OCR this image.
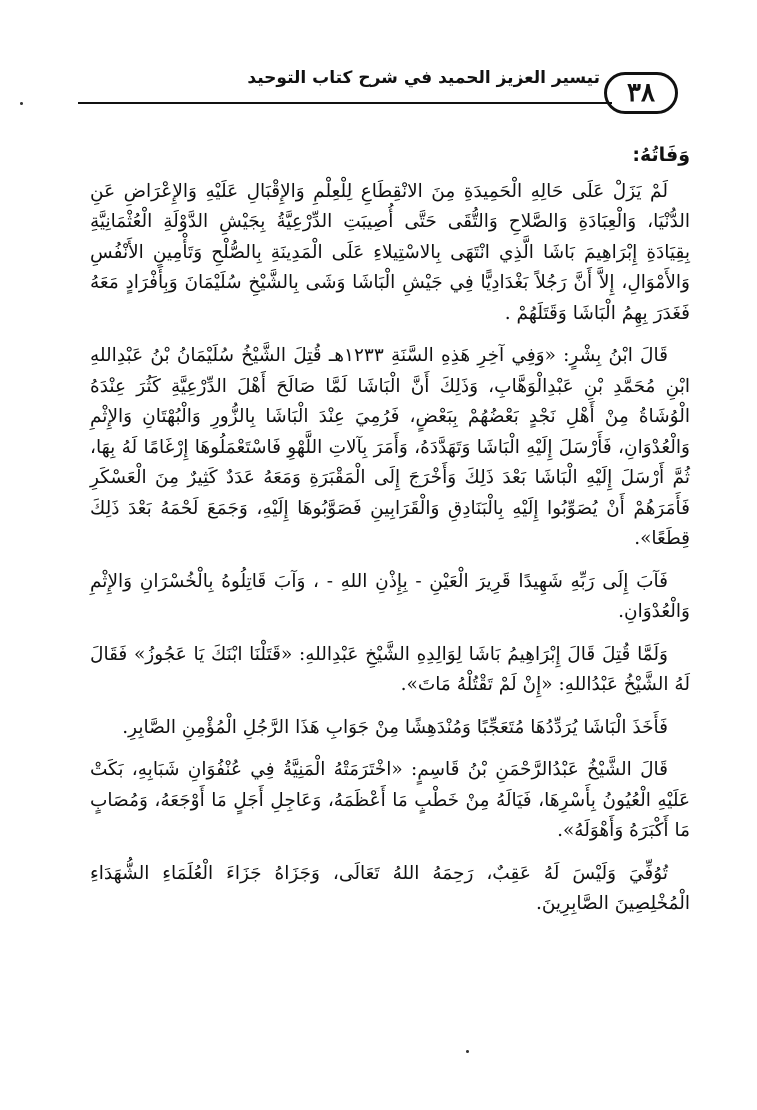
٣٨
تيسير العزيز الحميد في شرح كتاب التوحيد
وَفَاتُهُ:

لَمْ يَزَلْ عَلَى حَالِهِ الْحَمِيدَةِ مِنَ الانْقِطَاعِ لِلْعِلْمِ وَالإِقْبَالِ عَلَيْهِ وَالإِعْرَاضِ عَنِ الدُّنْيَا، وَالْعِبَادَةِ وَالصَّلاحِ وَالتُّقَى حَتَّى أُصِيبَتِ الدِّرْعِيَّةُ بِجَيْشِ الدَّوْلَةِ الْعُثْمَانِيَّةِ بِقِيَادَةِ إِبْرَاهِيمَ بَاشَا الَّذِي انْتَهَى بِالاسْتِيلاءِ عَلَى الْمَدِينَةِ بِالصُّلْحِ وَتَأْمِينِ الأَنْفُسِ وَالأَمْوَالِ، إِلاَّ أَنَّ رَجُلاً بَغْدَادِيًّا فِي جَيْشِ الْبَاشَا وَشَى بِالشَّيْخِ سُلَيْمَانَ وَبِأَفْرَادٍ مَعَهُ فَغَدَرَ بِهِمُ الْبَاشَا وَقَتَلَهُمْ .

قَالَ ابْنُ بِشْرٍ: «وَفِي آخِرِ هَذِهِ السَّنَةِ ١٢٣٣هـ قُتِلَ الشَّيْخُ سُلَيْمَانُ بْنُ عَبْدِاللهِ ابْنِ مُحَمَّدِ بْنِ عَبْدِالْوَهَّابِ، وَذَلِكَ أَنَّ الْبَاشَا لَمَّا صَالَحَ أَهْلَ الدِّرْعِيَّةِ كَثُرَ عِنْدَهُ الْوُشَاةُ مِنْ أَهْلِ نَجْدٍ بَعْضُهُمْ بِبَعْضٍ، فَرُمِيَ عِنْدَ الْبَاشَا بِالزُّورِ وَالْبُهْتَانِ وَالإِثْمِ وَالْعُدْوَانِ، فَأَرْسَلَ إِلَيْهِ الْبَاشَا وَتَهَدَّدَهُ، وَأَمَرَ بِآلاتِ اللَّهْوِ فَاسْتَعْمَلُوهَا إِرْغَامًا لَهُ بِهَا، ثُمَّ أَرْسَلَ إِلَيْهِ الْبَاشَا بَعْدَ ذَلِكَ وَأَخْرَجَ إِلَى الْمَقْبَرَةِ وَمَعَهُ عَدَدٌ كَثِيرٌ مِنَ الْعَسْكَرِ فَأَمَرَهُمْ أَنْ يُصَوِّبُوا إِلَيْهِ بِالْبَنَادِقِ وَالْقَرَابِينِ فَصَوَّبُوهَا إِلَيْهِ، وَجَمَعَ لَحْمَهُ بَعْدَ ذَلِكَ قِطَعًا».

فَآبَ إِلَى رَبِّهِ شَهِيدًا قَرِيرَ الْعَيْنِ - بِإِذْنِ اللهِ - ، وَآبَ قَاتِلُوهُ بِالْخُسْرَانِ وَالإِثْمِ وَالْعُدْوَانِ.

وَلَمَّا قُتِلَ قَالَ إِبْرَاهِيمُ بَاشَا لِوَالِدِهِ الشَّيْخِ عَبْدِاللهِ: «قَتَلْنَا ابْنَكَ يَا عَجُوزُ» فَقَالَ لَهُ الشَّيْخُ عَبْدُاللهِ: «إِنْ لَمْ تَقْتُلْهُ مَاتَ».

فَأَخَذَ الْبَاشَا يُرَدِّدُهَا مُتَعَجِّبًا وَمُنْدَهِشًا مِنْ جَوَابِ هَذَا الرَّجُلِ الْمُؤْمِنِ الصَّابِرِ.

قَالَ الشَّيْخُ عَبْدُالرَّحْمَنِ بْنُ قَاسِمٍ: «اخْتَرَمَتْهُ الْمَنِيَّةُ فِي عُنْفُوَانِ شَبَابِهِ، بَكَتْ عَلَيْهِ الْعُيُونُ بِأَسْرِهَا، فَيَالَهُ مِنْ خَطْبٍ مَا أَعْظَمَهُ، وَعَاجِلِ أَجَلٍ مَا أَوْجَعَهُ، وَمُصَابٍ مَا أَكْبَرَهُ وَأَهْوَلَهُ».

تُوُفِّيَ وَلَيْسَ لَهُ عَقِبٌ، رَحِمَهُ اللهُ تَعَالَى، وَجَزَاهُ جَزَاءَ الْعُلَمَاءِ الشُّهَدَاءِ الْمُخْلِصِينَ الصَّابِرِينَ.
